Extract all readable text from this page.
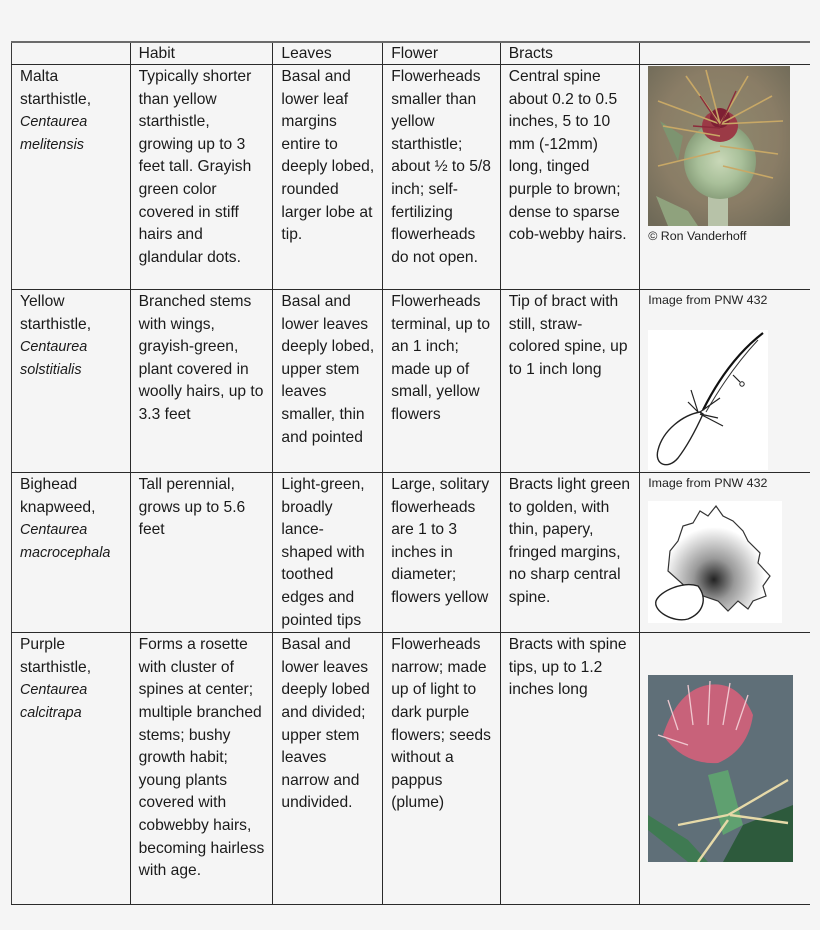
	Habit	Leaves	Flower	Bracts	

Malta starthistle,
Centaurea melitensis	Typically shorter than yellow starthistle, growing up to 3 feet tall. Grayish green color covered in stiff hairs and glandular dots.	Basal and lower leaf margins entire to deeply lobed, rounded larger lobe at tip.	Flowerheads smaller than yellow starthistle; about ½ to 5/8 inch; self-fertilizing flowerheads do not open.	Central spine about 0.2 to 0.5 inches, 5 to 10 mm (-12mm) long, tinged purple to brown; dense to sparse cob-webby hairs.	© Ron Vanderhoff

Yellow starthistle,
Centaurea solstitialis	Branched stems with wings, grayish-green, plant covered in woolly hairs, up to 3.3 feet	Basal and lower leaves deeply lobed, upper stem leaves smaller, thin and pointed	Flowerheads terminal, up to an 1 inch; made up of small, yellow flowers	Tip of bract with still, straw-colored spine, up to 1 inch long	Image from PNW 432

Bighead knapweed,
Centaurea macrocephala	Tall perennial, grows up to 5.6 feet	Light-green, broadly lance-shaped with toothed edges and pointed tips	Large, solitary flowerheads are 1 to 3 inches in diameter; flowers yellow	Bracts light green to golden, with thin, papery, fringed margins, no sharp central spine.	Image from PNW 432

Purple starthistle,
Centaurea calcitrapa	Forms a rosette with cluster of spines at center; multiple branched stems; bushy growth habit; young plants covered with cobwebby hairs, becoming hairless with age.	Basal and lower leaves deeply lobed and divided; upper stem leaves narrow and undivided.	Flowerheads narrow; made up of light to dark purple flowers; seeds without a pappus (plume)	Bracts with spine tips, up to 1.2 inches long	
